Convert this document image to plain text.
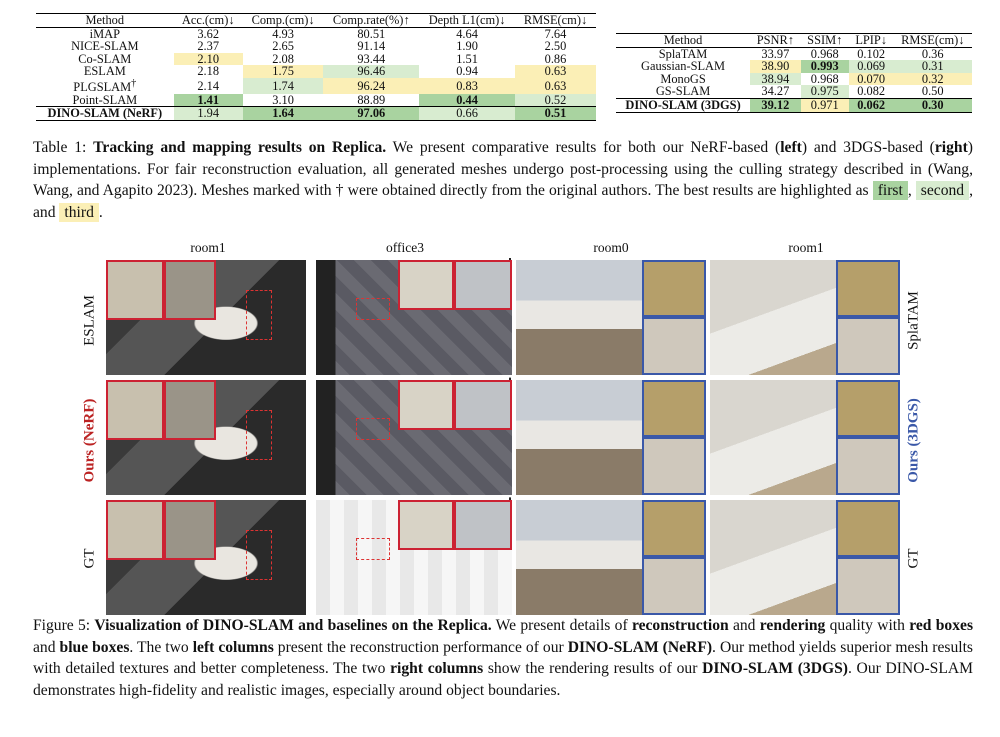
Method	Acc.(cm)↓	Comp.(cm)↓	Comp.rate(%)↑	Depth L1(cm)↓	RMSE(cm)↓
iMAP	3.62	4.93	80.51	4.64	7.64
NICE-SLAM	2.37	2.65	91.14	1.90	2.50
Co-SLAM	2.10	2.08	93.44	1.51	0.86
ESLAM	2.18	1.75	96.46	0.94	0.63
PLGSLAM†	2.14	1.74	96.24	0.83	0.63
Point-SLAM	1.41	3.10	88.89	0.44	0.52
DINO-SLAM (NeRF)	1.94	1.64	97.06	0.66	0.51
Method	PSNR↑	SSIM↑	LPIP↓	RMSE(cm)↓
SplaTAM	33.97	0.968	0.102	0.36
Gaussian-SLAM	38.90	0.993	0.069	0.31
MonoGS	38.94	0.968	0.070	0.32
GS-SLAM	34.27	0.975	0.082	0.50
DINO-SLAM (3DGS)	39.12	0.971	0.062	0.30
Table 1: Tracking and mapping results on Replica. We present comparative results for both our NeRF-based (left) and 3DGS-based (right) implementations. For fair reconstruction evaluation, all generated meshes undergo post-processing using the culling strategy described in (Wang, Wang, and Agapito 2023). Meshes marked with † were obtained directly from the original authors. The best results are highlighted as first , second , and third .
room1	office3	room0	room1
ESLAM
Ours (NeRF)
GT
SplaTAM
Ours (3DGS)
GT
Figure 5: Visualization of DINO-SLAM and baselines on the Replica. We present details of reconstruction and rendering quality with red boxes and blue boxes. The two left columns present the reconstruction performance of our DINO-SLAM (NeRF). Our method yields superior mesh results with detailed textures and better completeness. The two right columns show the rendering results of our DINO-SLAM (3DGS). Our DINO-SLAM demonstrates high-fidelity and realistic images, especially around object boundaries.
